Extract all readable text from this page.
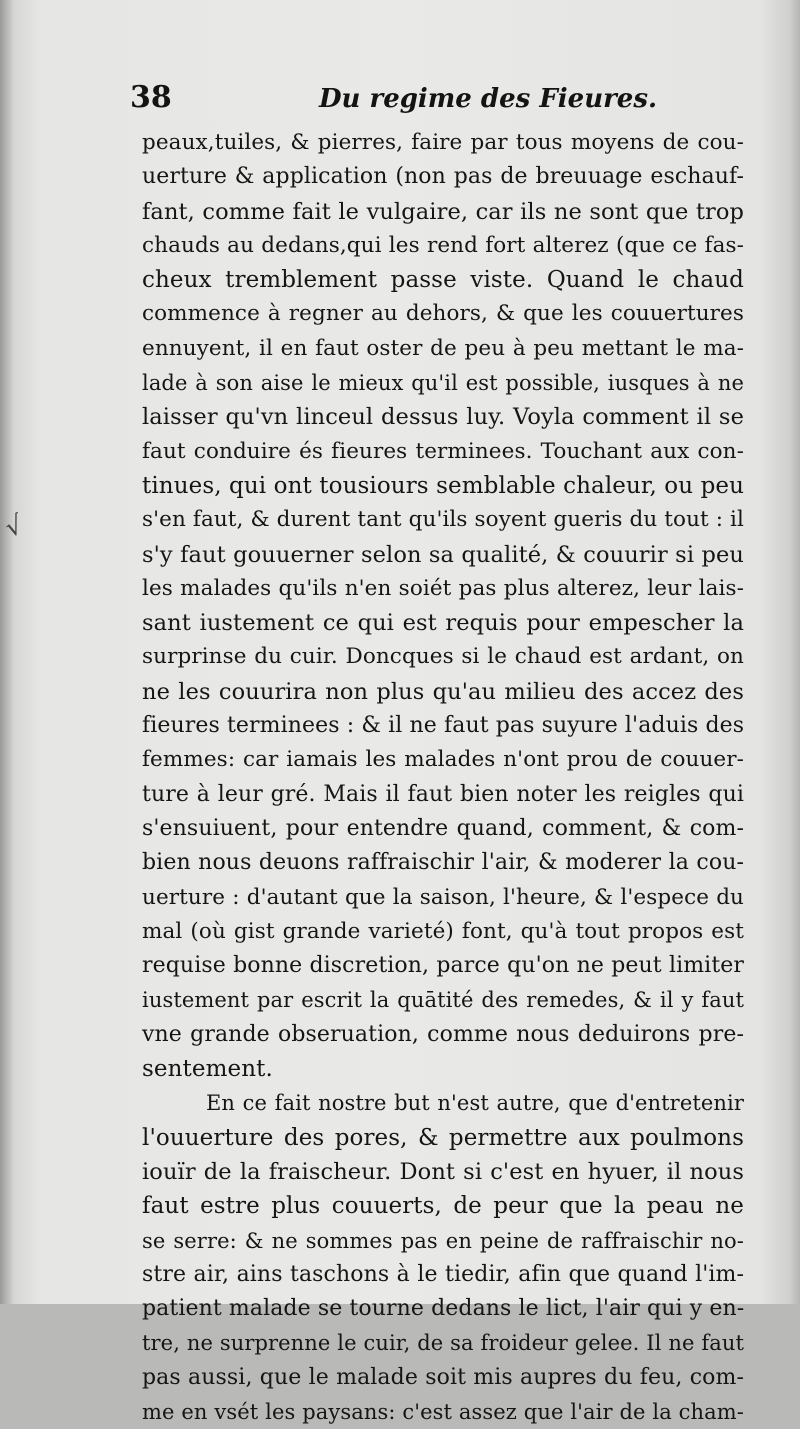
38	Du regime des Fieures.
√
peaux,tuiles, & pierres, faire par tous moyens de cou-
uerture & application (non pas de breuuage eschauf-
fant, comme fait le vulgaire, car ils ne sont que trop
chauds au dedans,qui les rend fort alterez (que ce fas-
cheux tremblement passe viste. Quand le chaud
commence à regner au dehors, & que les couuertures
ennuyent, il en faut oster de peu à peu mettant le ma-
lade à son aise le mieux qu'il est possible, iusques à ne
laisser qu'vn linceul dessus luy. Voyla comment il se
faut conduire és fieures terminees. Touchant aux con-
tinues, qui ont tousiours semblable chaleur, ou peu
s'en faut, & durent tant qu'ils soyent gueris du tout : il
s'y faut gouuerner selon sa qualité, & couurir si peu
les malades qu'ils n'en soiét pas plus alterez, leur lais-
sant iustement ce qui est requis pour empescher la
surprinse du cuir. Doncques si le chaud est ardant, on
ne les couurira non plus qu'au milieu des accez des
fieures terminees : & il ne faut pas suyure l'aduis des
femmes: car iamais les malades n'ont prou de couuer-
ture à leur gré. Mais il faut bien noter les reigles qui
s'ensuiuent, pour entendre quand, comment, & com-
bien nous deuons raffraischir l'air, & moderer la cou-
uerture : d'autant que la saison, l'heure, & l'espece du
mal (où gist grande varieté) font, qu'à tout propos est
requise bonne discretion, parce qu'on ne peut limiter
iustement par escrit la quātité des remedes, & il y faut
vne grande obseruation, comme nous deduirons pre-
sentement.
En ce fait nostre but n'est autre, que d'entretenir
l'ouuerture des pores, & permettre aux poulmons
iouïr de la fraischeur. Dont si c'est en hyuer, il nous
faut estre plus couuerts, de peur que la peau ne
se serre: & ne sommes pas en peine de raffraischir no-
stre air, ains taschons à le tiedir, afin que quand l'im-
patient malade se tourne dedans le lict, l'air qui y en-
tre, ne surprenne le cuir, de sa froideur gelee. Il ne faut
pas aussi, que le malade soit mis aupres du feu, com-
me en vsét les paysans: c'est assez que l'air de la cham-
